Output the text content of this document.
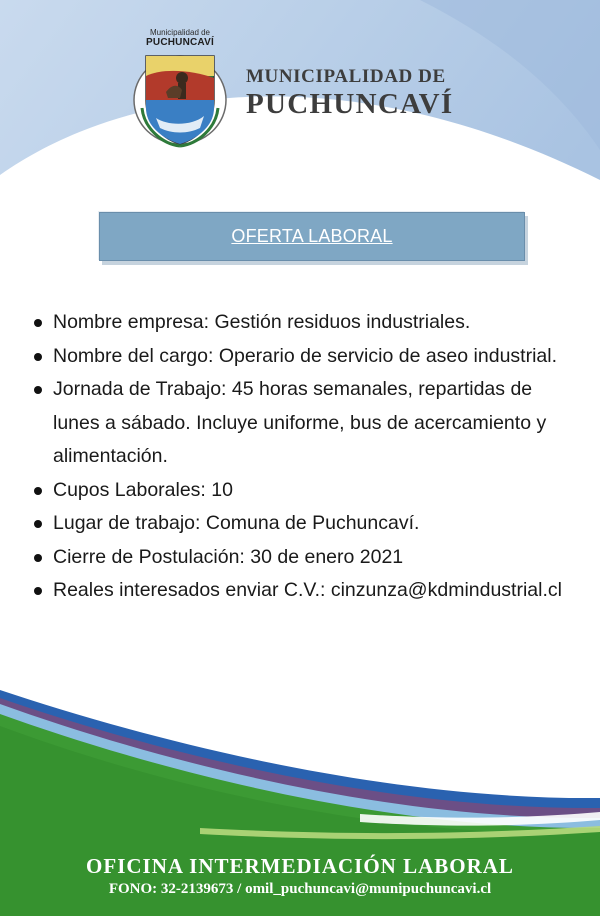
Municipalidad de
PUCHUNCAVÍ
MUNICIPALIDAD DE
PUCHUNCAVÍ
OFERTA LABORAL
Nombre empresa: Gestión residuos industriales.
Nombre del cargo: Operario de servicio de aseo industrial.
Jornada de Trabajo: 45 horas semanales, repartidas de lunes a sábado. Incluye uniforme, bus de acercamiento y alimentación.
Cupos Laborales: 10
Lugar de trabajo: Comuna de Puchuncaví.
Cierre de Postulación: 30 de enero 2021
Reales interesados enviar C.V.: cinzunza@kdmindustrial.cl
OFICINA INTERMEDIACIÓN LABORAL
FONO: 32-2139673 / omil_puchuncavi@munipuchuncavi.cl
